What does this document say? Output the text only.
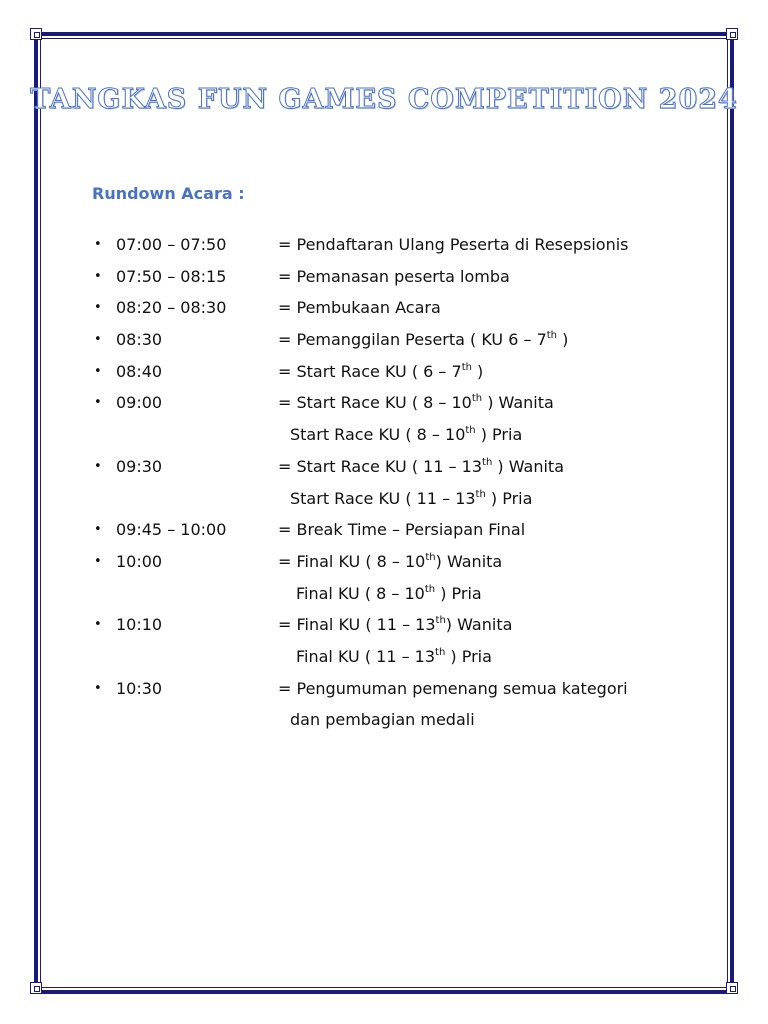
TANGKAS FUN GAMES COMPETITION 2024
Rundown Acara :
• 07:00 – 07:50	= Pendaftaran Ulang Peserta di Resepsionis
• 07:50 – 08:15	= Pemanasan peserta lomba
• 08:20 – 08:30	= Pembukaan Acara
• 08:30	= Pemanggilan Peserta ( KU 6 – 7th )
• 08:40	= Start Race KU ( 6 – 7th )
• 09:00	= Start Race KU ( 8 – 10th ) Wanita
Start Race KU ( 8 – 10th ) Pria
• 09:30	= Start Race KU ( 11 – 13th ) Wanita
Start Race KU ( 11 – 13th ) Pria
• 09:45 – 10:00	= Break Time – Persiapan Final
• 10:00	= Final KU ( 8 – 10th) Wanita
Final KU ( 8 – 10th ) Pria
• 10:10	= Final KU ( 11 – 13th) Wanita
Final KU ( 11 – 13th ) Pria
• 10:30	= Pengumuman pemenang semua kategori
dan pembagian medali
